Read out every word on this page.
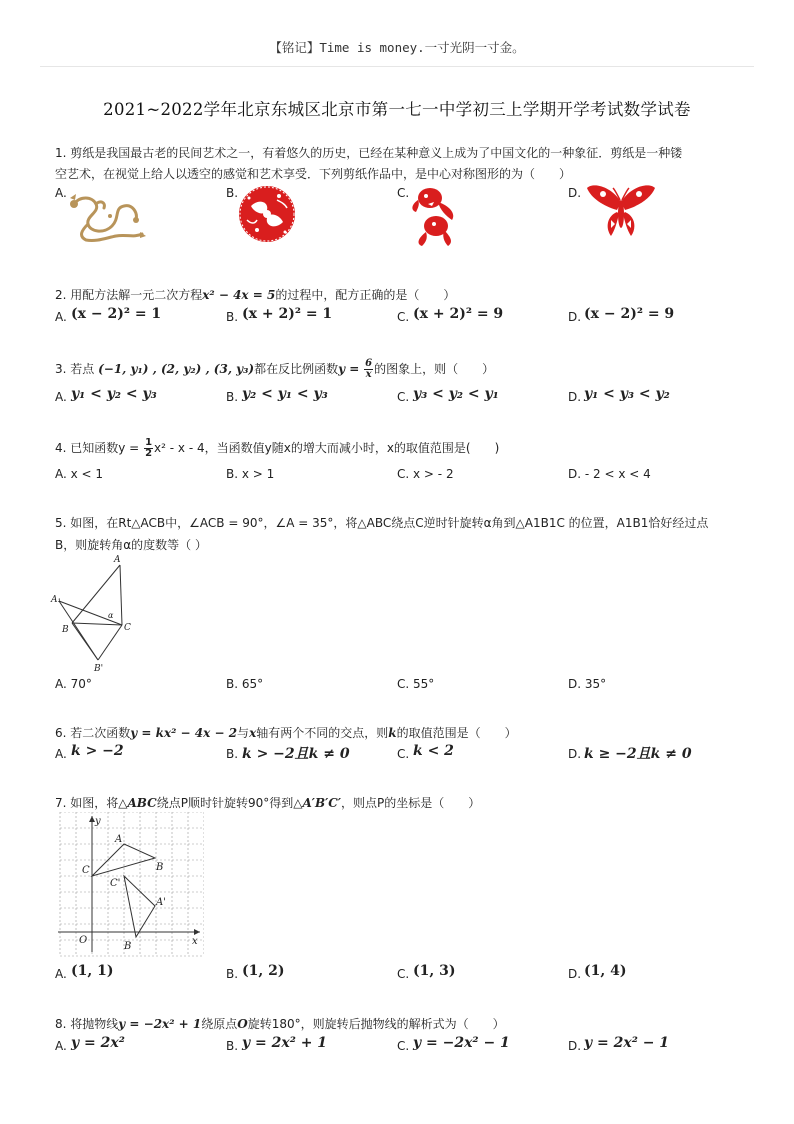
【铭记】Time is money.一寸光阴一寸金。
2021~2022学年北京东城区北京市第一七一中学初三上学期开学考试数学试卷
1. 剪纸是我国最古老的民间艺术之一，有着悠久的历史，已经在某种意义上成为了中国文化的一种象征．剪纸是一种镂
空艺术，在视觉上给人以透空的感觉和艺术享受．下列剪纸作品中，是中心对称图形的为（　　）
A.	B.	C.	D.
2. 用配方法解一元二次方程x² − 4x = 5的过程中，配方正确的是（　　）
A. (x − 2)² = 1	B. (x + 2)² = 1	C. (x + 2)² = 9	D. (x − 2)² = 9
3. 若点 (−1, y₁) , (2, y₂) , (3, y₃)都在反比例函数$y = \frac{6}{x}$ 的图象上，则（　　）
A. y₁ < y₂ < y₃	B. y₂ < y₁ < y₃	C. y₃ < y₂ < y₁	D. y₁ < y₃ < y₂
4. 已知函数$y = \frac{1}{2} x^2 - x - 4$，当函数值y随x的增大而减小时，x的取值范围是(　　)
A. x < 1	B. x > 1	C. x > - 2	D. - 2 < x < 4
5. 如图，在Rt△ACB中，∠ACB = 90°，∠A = 35°，将△ABC绕点C逆时针旋转α角到△A1B1C 的位置，A1B1恰好经过点
B，则旋转角α的度数等（ ）
A
A₁
B	C
B'
α
A. 70°	B. 65°	C. 55°	D. 35°
6. 若二次函数y = kx² − 4x − 2与x轴有两个不同的交点，则k的取值范围是（　　）
A. k > −2	B. k > −2且k ≠ 0	C. k < 2	D. k ≥ −2且k ≠ 0
7. 如图，将△ABC绕点P顺时针旋转90°得到△A′B′C′，则点P的坐标是（　　）
y
x
O
A
B
C
C'
A'
B
A. (1, 1)	B. (1, 2)	C. (1, 3)	D. (1, 4)
8. 将抛物线y = −2x² + 1绕原点O旋转180°，则旋转后抛物线的解析式为（　　）
A. y = 2x²	B. y = 2x² + 1	C. y = −2x² − 1	D. y = 2x² − 1
